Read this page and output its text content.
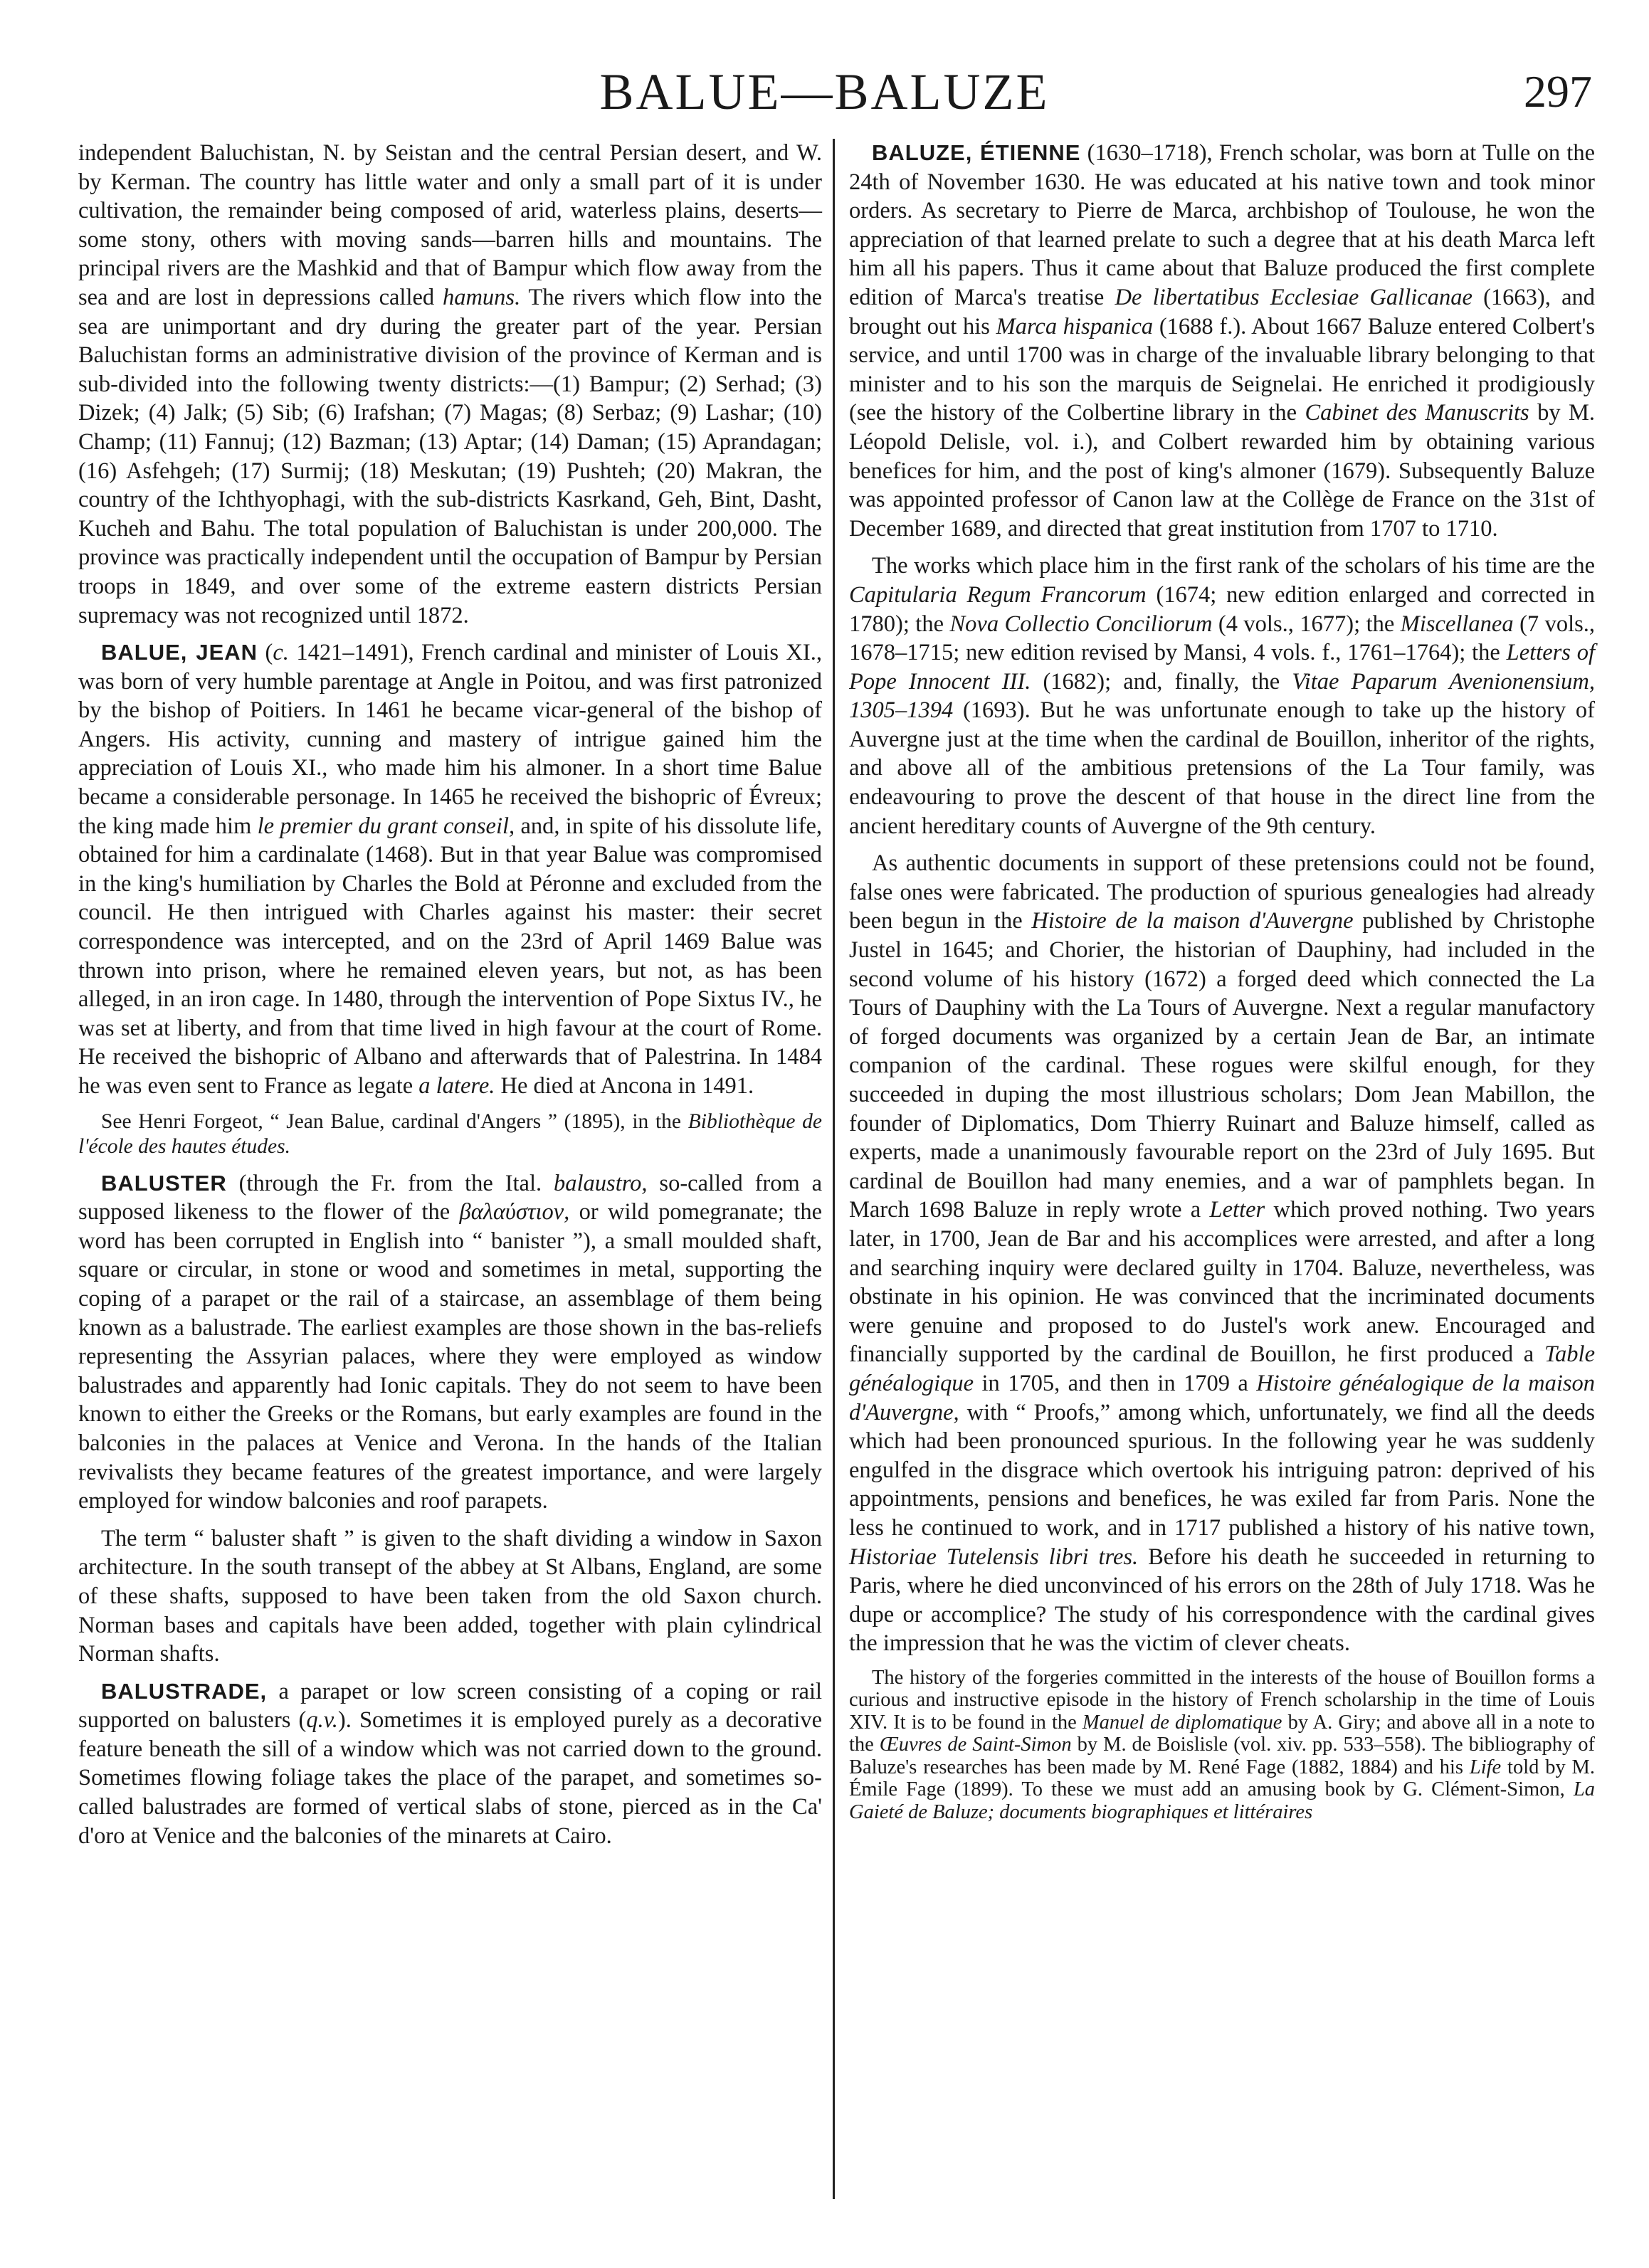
BALUE—BALUZE	297

independent Baluchistan, N. by Seistan and the central Persian desert, and W. by Kerman. The country has little water and only a small part of it is under cultivation, the remainder being composed of arid, waterless plains, deserts—some stony, others with moving sands—barren hills and mountains. The principal rivers are the Mashkid and that of Bampur which flow away from the sea and are lost in depressions called hamuns. The rivers which flow into the sea are unimportant and dry during the greater part of the year. Persian Baluchistan forms an administrative division of the province of Kerman and is sub-divided into the following twenty districts:—(1) Bampur; (2) Serhad; (3) Dizek; (4) Jalk; (5) Sib; (6) Irafshan; (7) Magas; (8) Serbaz; (9) Lashar; (10) Champ; (11) Fannuj; (12) Bazman; (13) Aptar; (14) Daman; (15) Aprandagan; (16) Asfehgeh; (17) Surmij; (18) Meskutan; (19) Pushteh; (20) Makran, the country of the Ichthyophagi, with the sub-districts Kasrkand, Geh, Bint, Dasht, Kucheh and Bahu. The total population of Baluchistan is under 200,000. The province was practically independent until the occupation of Bampur by Persian troops in 1849, and over some of the extreme eastern districts Persian supremacy was not recognized until 1872.

BALUE, JEAN (c. 1421–1491), French cardinal and minister of Louis XI., was born of very humble parentage at Angle in Poitou, and was first patronized by the bishop of Poitiers. In 1461 he became vicar-general of the bishop of Angers. His activity, cunning and mastery of intrigue gained him the appreciation of Louis XI., who made him his almoner. In a short time Balue became a considerable personage. In 1465 he received the bishopric of Évreux; the king made him le premier du grant conseil, and, in spite of his dissolute life, obtained for him a cardinalate (1468). But in that year Balue was compromised in the king's humiliation by Charles the Bold at Péronne and excluded from the council. He then intrigued with Charles against his master: their secret correspondence was intercepted, and on the 23rd of April 1469 Balue was thrown into prison, where he remained eleven years, but not, as has been alleged, in an iron cage. In 1480, through the intervention of Pope Sixtus IV., he was set at liberty, and from that time lived in high favour at the court of Rome. He received the bishopric of Albano and afterwards that of Palestrina. In 1484 he was even sent to France as legate a latere. He died at Ancona in 1491.

See Henri Forgeot, “ Jean Balue, cardinal d'Angers ” (1895), in the Bibliothèque de l'école des hautes études.

BALUSTER (through the Fr. from the Ital. balaustro, so-called from a supposed likeness to the flower of the βαλαύστιον, or wild pomegranate; the word has been corrupted in English into “ banister ”), a small moulded shaft, square or circular, in stone or wood and sometimes in metal, supporting the coping of a parapet or the rail of a staircase, an assemblage of them being known as a balustrade. The earliest examples are those shown in the bas-reliefs representing the Assyrian palaces, where they were employed as window balustrades and apparently had Ionic capitals. They do not seem to have been known to either the Greeks or the Romans, but early examples are found in the balconies in the palaces at Venice and Verona. In the hands of the Italian revivalists they became features of the greatest importance, and were largely employed for window balconies and roof parapets.

The term “ baluster shaft ” is given to the shaft dividing a window in Saxon architecture. In the south transept of the abbey at St Albans, England, are some of these shafts, supposed to have been taken from the old Saxon church. Norman bases and capitals have been added, together with plain cylindrical Norman shafts.

BALUSTRADE, a parapet or low screen consisting of a coping or rail supported on balusters (q.v.). Sometimes it is employed purely as a decorative feature beneath the sill of a window which was not carried down to the ground. Sometimes flowing foliage takes the place of the parapet, and sometimes so-called balustrades are formed of vertical slabs of stone, pierced as in the Ca' d'oro at Venice and the balconies of the minarets at Cairo.

BALUZE, ÉTIENNE (1630–1718), French scholar, was born at Tulle on the 24th of November 1630. He was educated at his native town and took minor orders. As secretary to Pierre de Marca, archbishop of Toulouse, he won the appreciation of that learned prelate to such a degree that at his death Marca left him all his papers. Thus it came about that Baluze produced the first complete edition of Marca's treatise De libertatibus Ecclesiae Gallicanae (1663), and brought out his Marca hispanica (1688 f.). About 1667 Baluze entered Colbert's service, and until 1700 was in charge of the invaluable library belonging to that minister and to his son the marquis de Seignelai. He enriched it prodigiously (see the history of the Colbertine library in the Cabinet des Manuscrits by M. Léopold Delisle, vol. i.), and Colbert rewarded him by obtaining various benefices for him, and the post of king's almoner (1679). Subsequently Baluze was appointed professor of Canon law at the Collège de France on the 31st of December 1689, and directed that great institution from 1707 to 1710.

The works which place him in the first rank of the scholars of his time are the Capitularia Regum Francorum (1674; new edition enlarged and corrected in 1780); the Nova Collectio Conciliorum (4 vols., 1677); the Miscellanea (7 vols., 1678–1715; new edition revised by Mansi, 4 vols. f., 1761–1764); the Letters of Pope Innocent III. (1682); and, finally, the Vitae Paparum Avenionensium, 1305–1394 (1693). But he was unfortunate enough to take up the history of Auvergne just at the time when the cardinal de Bouillon, inheritor of the rights, and above all of the ambitious pretensions of the La Tour family, was endeavouring to prove the descent of that house in the direct line from the ancient hereditary counts of Auvergne of the 9th century.

As authentic documents in support of these pretensions could not be found, false ones were fabricated. The production of spurious genealogies had already been begun in the Histoire de la maison d'Auvergne published by Christophe Justel in 1645; and Chorier, the historian of Dauphiny, had included in the second volume of his history (1672) a forged deed which connected the La Tours of Dauphiny with the La Tours of Auvergne. Next a regular manufactory of forged documents was organized by a certain Jean de Bar, an intimate companion of the cardinal. These rogues were skilful enough, for they succeeded in duping the most illustrious scholars; Dom Jean Mabillon, the founder of Diplomatics, Dom Thierry Ruinart and Baluze himself, called as experts, made a unanimously favourable report on the 23rd of July 1695. But cardinal de Bouillon had many enemies, and a war of pamphlets began. In March 1698 Baluze in reply wrote a Letter which proved nothing. Two years later, in 1700, Jean de Bar and his accomplices were arrested, and after a long and searching inquiry were declared guilty in 1704. Baluze, nevertheless, was obstinate in his opinion. He was convinced that the incriminated documents were genuine and proposed to do Justel's work anew. Encouraged and financially supported by the cardinal de Bouillon, he first produced a Table généalogique in 1705, and then in 1709 a Histoire généalogique de la maison d'Auvergne, with “ Proofs,” among which, unfortunately, we find all the deeds which had been pronounced spurious. In the following year he was suddenly engulfed in the disgrace which overtook his intriguing patron: deprived of his appointments, pensions and benefices, he was exiled far from Paris. None the less he continued to work, and in 1717 published a history of his native town, Historiae Tutelensis libri tres. Before his death he succeeded in returning to Paris, where he died unconvinced of his errors on the 28th of July 1718. Was he dupe or accomplice? The study of his correspondence with the cardinal gives the impression that he was the victim of clever cheats.

The history of the forgeries committed in the interests of the house of Bouillon forms a curious and instructive episode in the history of French scholarship in the time of Louis XIV. It is to be found in the Manuel de diplomatique by A. Giry; and above all in a note to the Œuvres de Saint-Simon by M. de Boislisle (vol. xiv. pp. 533–558). The bibliography of Baluze's researches has been made by M. René Fage (1882, 1884) and his Life told by M. Émile Fage (1899). To these we must add an amusing book by G. Clément-Simon, La Gaieté de Baluze; documents biographiques et littéraires
